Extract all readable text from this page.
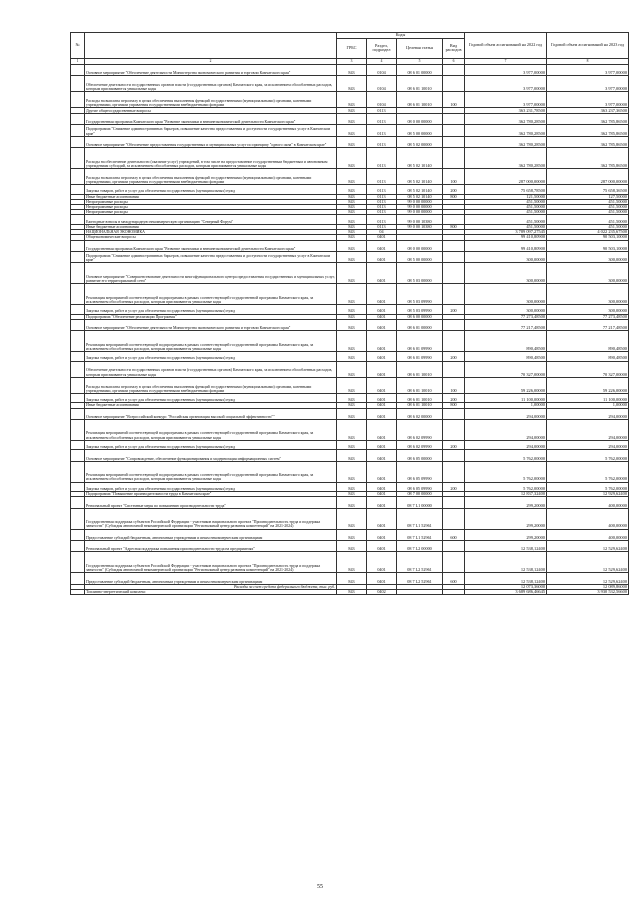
№		Коды				Годовой объем ассигнований на 2022 год	Годовой объем ассигнований на 2023 год
		ГРБС	Раздел, подраздел	Целевая статья	Вид расходов		
1	2	3	4	5	6	7	8
	Основное мероприятие "Обеспечение деятельности Министерства экономического развития и торговли Камчатского края"	843	0104	08 6 01 00000		3 977,00000	3 977,00000
	Обеспечение деятельности государственных органов власти (государственных органов) Камчатского края, за исключением обособленных расходов, которым присваиваются уникальные коды	843	0104	08 6 01 10010		3 977,00000	3 977,00000
	Расходы на выплаты персоналу в целях обеспечения выполнения функций государственными (муниципальными) органами, казенными учреждениями, органами управления государственными внебюджетными фондами	843	0104	08 6 01 10010	100	3 977,00000	3 977,00000
	Другие общегосударственные вопросы	843	0113			363 231,78500	363 237,36500
	Государственная программа Камчатского края "Развитие экономики и внешнеэкономической деятельности Камчатского края"	843	0113	08 0 00 00000		362 780,28500	362 785,86500
	Подпрограмма "Снижение административных барьеров, повышение качества предоставления и доступности государственных услуг в Камчатском крае"	843	0113	08 5 00 00000		362 780,28500	362 785,86500
	Основное мероприятие "Обеспечение предоставления государственных и муниципальных услуг по принципу "одного окна" в Камчатском крае"	843	0113	08 5 02 00000		362 780,28500	362 785,86500
	Расходы на обеспечение деятельности (оказание услуг) учреждений, в том числе на предоставление государственным бюджетным и автономным учреждениям субсидий, за исключением обособленных расходов, которым присваиваются уникальные коды	843	0113	08 5 02 10140		362 780,28500	362 785,86500
	Расходы на выплаты персоналу в целях обеспечения выполнения функций государственными (муниципальными) органами, казенными учреждениями, органами управления государственными внебюджетными фондами	843	0113	08 5 02 10140	100	287 000,00000	287 000,00000
	Закупка товаров, работ и услуг для обеспечения государственных (муниципальных) нужд	843	0113	08 5 02 10140	200	75 658,78500	75 658,36500
	Иные бюджетные ассигнования	843	0113	08 5 02 10140	800	121,50000	127,50000
	Непрограммные расходы	843	0113	99 0 00 00000		451,50000	451,50000
	Непрограммные расходы	843	0113	99 0 00 00000		451,50000	451,50000
	Непрограммные расходы	843	0113	99 0 00 00000		451,50000	451,50000
	Ежегодные взносы в международную некоммерческую организацию "Северный Форум"	843	0113	99 0 00 10380		451,50000	451,50000
	Иные бюджетные ассигнования	843	0113	99 0 00 10380	800	451,50000	451,50000
	НАЦИОНАЛЬНАЯ ЭКОНОМИКА	843	04			3 789 097,27545	4 022 235,67500
	Общеэкономические вопросы	843	0401			99 410,80900	90 503,10000
	Государственная программа Камчатского края "Развитие экономики и внешнеэкономической деятельности Камчатского края"	843	0401	08 0 00 00000		99 410,80900	90 503,10000
	Подпрограмма "Снижение административных барьеров, повышение качества предоставления и доступности государственных услуг в Камчатском крае"	843	0401	08 5 00 00000		300,00000	300,00000
	Основное мероприятие "Совершенствование деятельности многофункционального центра предоставления государственных и муниципальных услуг, развитие его территориальной сети"	843	0401	08 5 03 00000		300,00000	300,00000
	Реализация мероприятий соответствующей подпрограммы в рамках соответствующей государственной программы Камчатского края, за исключением обособленных расходов, которым присваиваются уникальные коды	843	0401	08 5 03 09990		300,00000	300,00000
	Закупка товаров, работ и услуг для обеспечения государственных (муниципальных) нужд	843	0401	08 5 03 09990	200	300,00000	300,00000
	Подпрограмма "Обеспечение реализации Программы"	843	0401	08 6 00 00000		77 273,48500	77 273,48500
	Основное мероприятие "Обеспечение деятельности Министерства экономического развития и торговли Камчатского края"	843	0401	08 6 01 00000		77 217,48500	77 217,48500
	Реализация мероприятий соответствующей подпрограммы в рамках соответствующей государственной программы Камчатского края, за исключением обособленных расходов, которым присваиваются уникальные коды	843	0401	08 6 01 09990		890,48500	890,48500
	Закупка товаров, работ и услуг для обеспечения государственных (муниципальных) нужд	843	0401	08 6 01 09990	200	890,48500	890,48500
	Обеспечение деятельности государственных органов власти (государственных органов) Камчатского края, за исключением обособленных расходов, которым присваиваются уникальные коды	843	0401	08 6 01 10010		70 327,00000	70 327,00000
	Расходы на выплаты персоналу в целях обеспечения выполнения функций государственными (муниципальными) органами, казенными учреждениями, органами управления государственными внебюджетными фондами	843	0401	08 6 01 10010	100	59 226,00000	59 226,00000
	Закупка товаров, работ и услуг для обеспечения государственных (муниципальных) нужд	843	0401	08 6 01 10010	200	11 100,00000	11 100,00000
	Иные бюджетные ассигнования	843	0401	08 6 01 10010	800	1,00000	1,00000
	Основное мероприятие "Всероссийский конкурс "Российская организация высокой социальной эффективности""	843	0401	08 6 02 00000		294,00000	294,00000
	Реализация мероприятий соответствующей подпрограммы в рамках соответствующей государственной программы Камчатского края, за исключением обособленных расходов, которым присваиваются уникальные коды	843	0401	08 6 02 09990		294,00000	294,00000
	Закупка товаров, работ и услуг для обеспечения государственных (муниципальных) нужд	843	0401	08 6 02 09990	200	294,00000	294,00000
	Основное мероприятие "Сопровождение, обеспечение функционирования и модернизация информационных систем"	843	0401	08 6 05 00000		5 762,00000	5 762,00000
	Реализация мероприятий соответствующей подпрограммы в рамках соответствующей государственной программы Камчатского края, за исключением обособленных расходов, которым присваиваются уникальные коды	843	0401	08 6 05 09990		5 762,00000	5 762,00000
	Закупка товаров, работ и услуг для обеспечения государственных (муниципальных) нужд	843	0401	08 6 05 09990	200	5 762,00000	5 762,00000
	Подпрограмма "Повышение производительности труда в Камчатском крае"	843	0401	08 7 00 00000		12 837,32400	12 929,62400
	Региональный проект "Системные меры по повышению производительности труда"	843	0401	08 7 L1 00000		299,20000	400,00000
	Государственная поддержка субъектов Российской Федерации - участников национального проекта "Производительность труда и поддержка занятости" (Субсидия автономной некоммерческой организации "Региональный центр развития компетенций" на 2021-2024)	843	0401	08 7 L1 52961		299,20000	400,00000
	Предоставление субсидий бюджетным, автономным учреждениям и иным некоммерческим организациям	843	0401	08 7 L1 52961	600	299,20000	400,00000
	Региональный проект "Адресная поддержка повышения производительности труда на предприятиях"	843	0401	08 7 L2 00000		12 538,12400	12 529,62400
	Государственная поддержка субъектов Российской Федерации - участников национального проекта "Производительность труда и поддержка занятости" (Субсидия автономной некоммерческой организации "Региональный центр развития компетенций" на 2021-2024)	843	0401	08 7 L2 52961		12 538,12400	12 529,62400
	Предоставление субсидий бюджетным, автономным учреждениям и иным некоммерческим организациям	843	0401	08 7 L2 52961	600	12 538,12400	12 529,62400
	Расходы за счет средств федерального бюджета, тыс. руб.					12 073,36000	12 089,86000
	Топливно-энергетический комплекс	843	0402			3 689 686,46645	3 930 532,56600
55
